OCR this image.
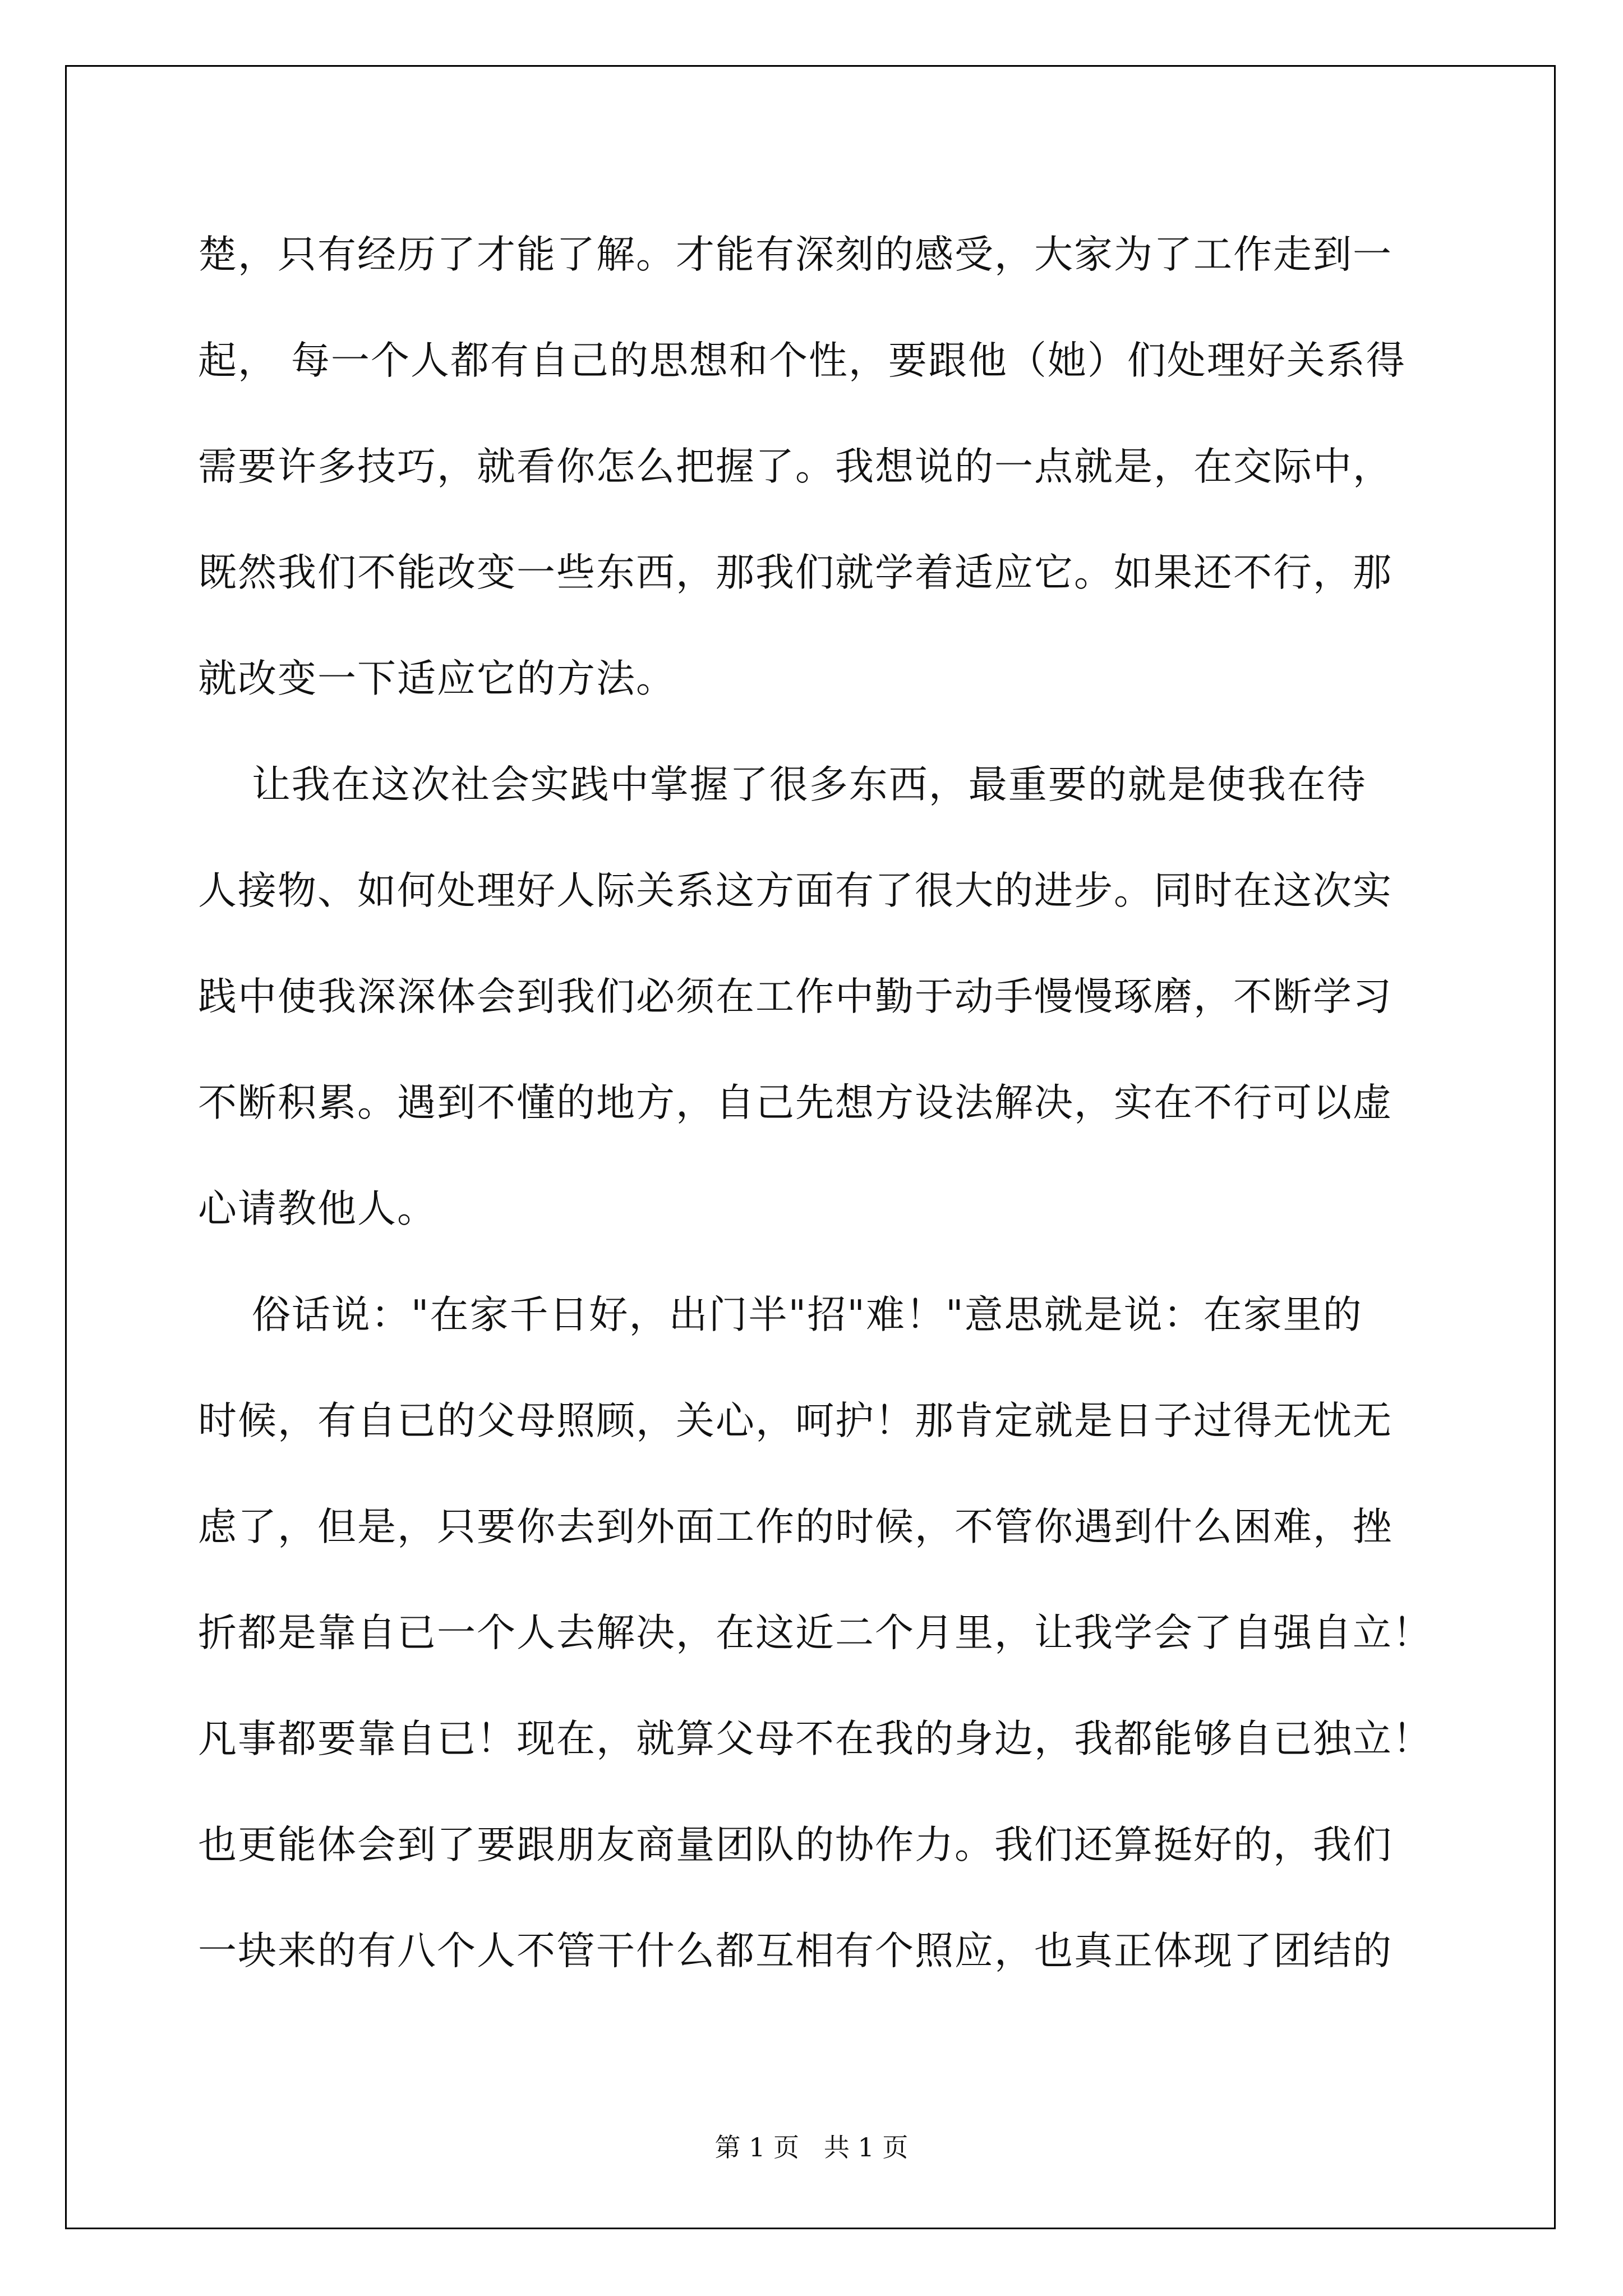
楚，只有经历了才能了解。才能有深刻的感受，大家为了工作走到一
起， 每一个人都有自己的思想和个性，要跟他（她）们处理好关系得
需要许多技巧，就看你怎么把握了。我想说的一点就是，在交际中，
既然我们不能改变一些东西，那我们就学着适应它。如果还不行，那
就改变一下适应它的方法。
让我在这次社会实践中掌握了很多东西，最重要的就是使我在待
人接物、如何处理好人际关系这方面有了很大的进步。同时在这次实
践中使我深深体会到我们必须在工作中勤于动手慢慢琢磨，不断学习
不断积累。遇到不懂的地方，自己先想方设法解决，实在不行可以虚
心请教他人。
俗话说："在家千日好，出门半"招"难！"意思就是说：在家里的
时候，有自已的父母照顾，关心，呵护！那肯定就是日子过得无忧无
虑了，但是，只要你去到外面工作的时候，不管你遇到什么困难，挫
折都是靠自已一个人去解决，在这近二个月里，让我学会了自强自立！
凡事都要靠自已！现在，就算父母不在我的身边，我都能够自已独立！
也更能体会到了要跟朋友商量团队的协作力。我们还算挺好的，我们
一块来的有八个人不管干什么都互相有个照应，也真正体现了团结的
第 1 页   共 1 页
